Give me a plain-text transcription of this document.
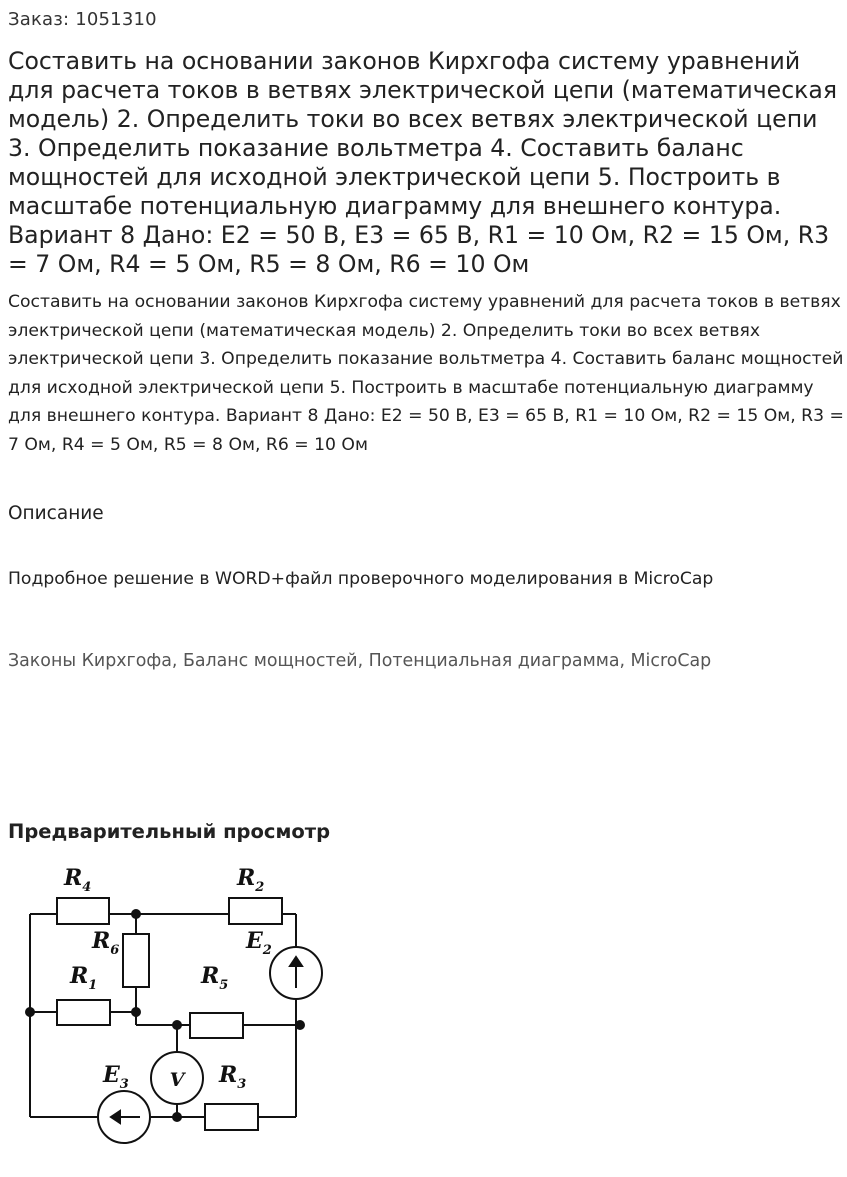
Заказ: 1051310
Составить на основании законов Кирхгофа систему уравнений для расчета токов в ветвях электрической цепи (математическая модель) 2. Определить токи во всех ветвях электрической цепи 3. Определить показание вольтметра 4. Составить баланс мощностей для исходной электрической цепи 5. Построить в масштабе потенциальную диаграмму для внешнего контура. Вариант 8 Дано: Е2 = 50 В, Е3 = 65 В, R1 = 10 Ом, R2 = 15 Ом, R3 = 7 Ом, R4 = 5 Ом, R5 = 8 Ом, R6 = 10 Ом
Составить на основании законов Кирхгофа систему уравнений для расчета токов в ветвях электрической цепи (математическая модель) 2. Определить токи во всех ветвях электрической цепи 3. Определить показание вольтметра 4. Составить баланс мощностей для исходной электрической цепи 5. Построить в масштабе потенциальную диаграмму для внешнего контура. Вариант 8 Дано: Е2 = 50 В, Е3 = 65 В, R1 = 10 Ом, R2 = 15 Ом, R3 = 7 Ом, R4 = 5 Ом, R5 = 8 Ом, R6 = 10 Ом
Описание
Подробное решение в WORD+файл проверочного моделирования в MicroCap
Законы Кирхгофа, Баланс мощностей, Потенциальная диаграмма, MicroCap
Предварительный просмотр
$R_4$	$R_2$
$R_6$	$E_2$
$R_1$	$R_5$
$E_3$	$R_3$
V
